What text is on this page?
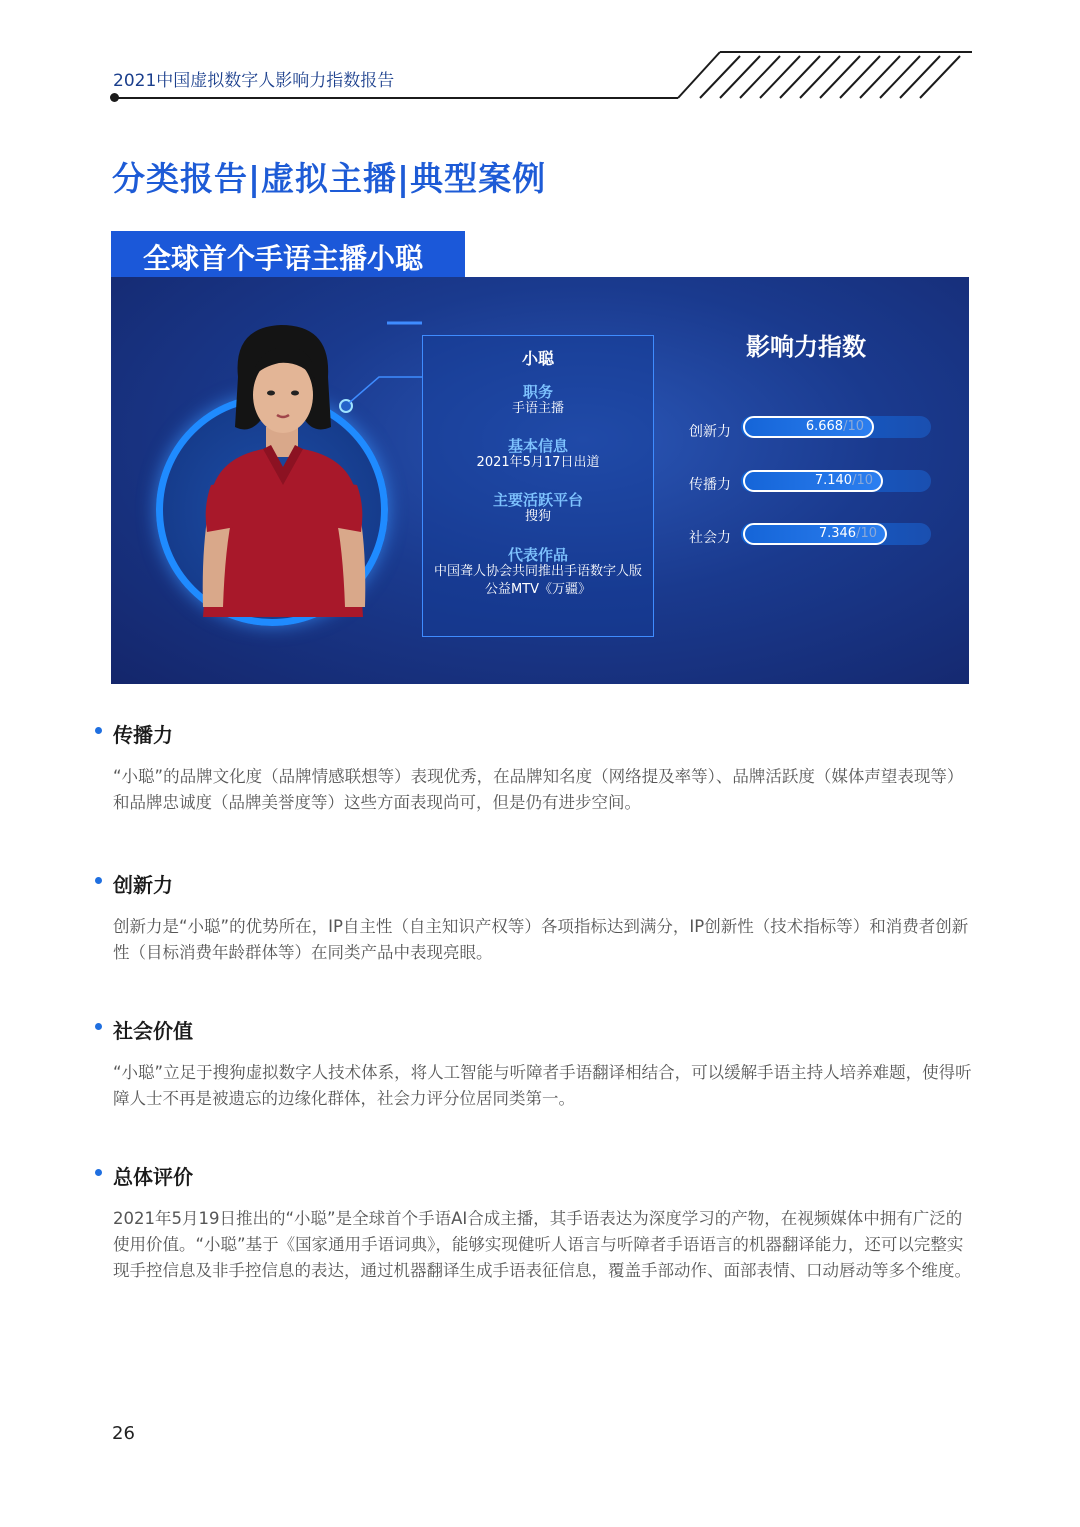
2021中国虚拟数字人影响力指数报告
分类报告|虚拟主播|典型案例
全球首个手语主播小聪
小聪
职务
手语主播
基本信息
2021年5月17日出道
主要活跃平台
搜狗
代表作品
中国聋人协会共同推出手语数字人版公益MTV《万疆》
影响力指数
创新力	6.668/10
传播力	7.140/10
社会力	7.346/10
传播力
“小聪”的品牌文化度（品牌情感联想等）表现优秀，在品牌知名度（网络提及率等）、品牌活跃度（媒体声望表现等）和品牌忠诚度（品牌美誉度等）这些方面表现尚可，但是仍有进步空间。
创新力
创新力是“小聪”的优势所在，IP自主性（自主知识产权等）各项指标达到满分，IP创新性（技术指标等）和消费者创新性（目标消费年龄群体等）在同类产品中表现亮眼。
社会价值
“小聪”立足于搜狗虚拟数字人技术体系，将人工智能与听障者手语翻译相结合，可以缓解手语主持人培养难题，使得听障人士不再是被遗忘的边缘化群体，社会力评分位居同类第一。
总体评价
2021年5月19日推出的“小聪”是全球首个手语AI合成主播，其手语表达为深度学习的产物，在视频媒体中拥有广泛的使用价值。“小聪”基于《国家通用手语词典》，能够实现健听人语言与听障者手语语言的机器翻译能力，还可以完整实现手控信息及非手控信息的表达，通过机器翻译生成手语表征信息，覆盖手部动作、面部表情、口动唇动等多个维度。
26
